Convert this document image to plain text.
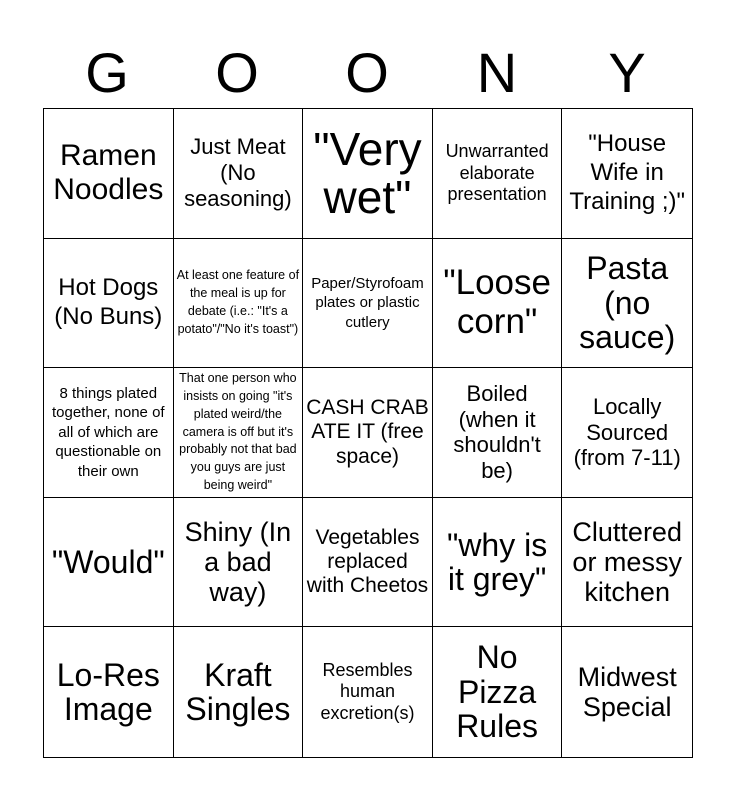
G	O	O	N	Y
Ramen Noodles
Just Meat (No seasoning)
"Very wet"
Unwarranted elaborate presentation
"House Wife in Training ;)"
Hot Dogs (No Buns)
At least one feature of the meal is up for debate (i.e.: "It's a potato"/"No it's toast")
Paper/Styrofoam plates or plastic cutlery
"Loose corn"
Pasta (no sauce)
8 things plated together, none of all of which are questionable on their own
That one person who insists on going "it's plated weird/the camera is off but it's probably not that bad you guys are just being weird"
CASH CRAB ATE IT (free space)
Boiled (when it shouldn't be)
Locally Sourced (from 7-11)
"Would"
Shiny (In a bad way)
Vegetables replaced with Cheetos
"why is it grey"
Cluttered or messy kitchen
Lo-Res Image
Kraft Singles
Resembles human excretion(s)
No Pizza Rules
Midwest Special
